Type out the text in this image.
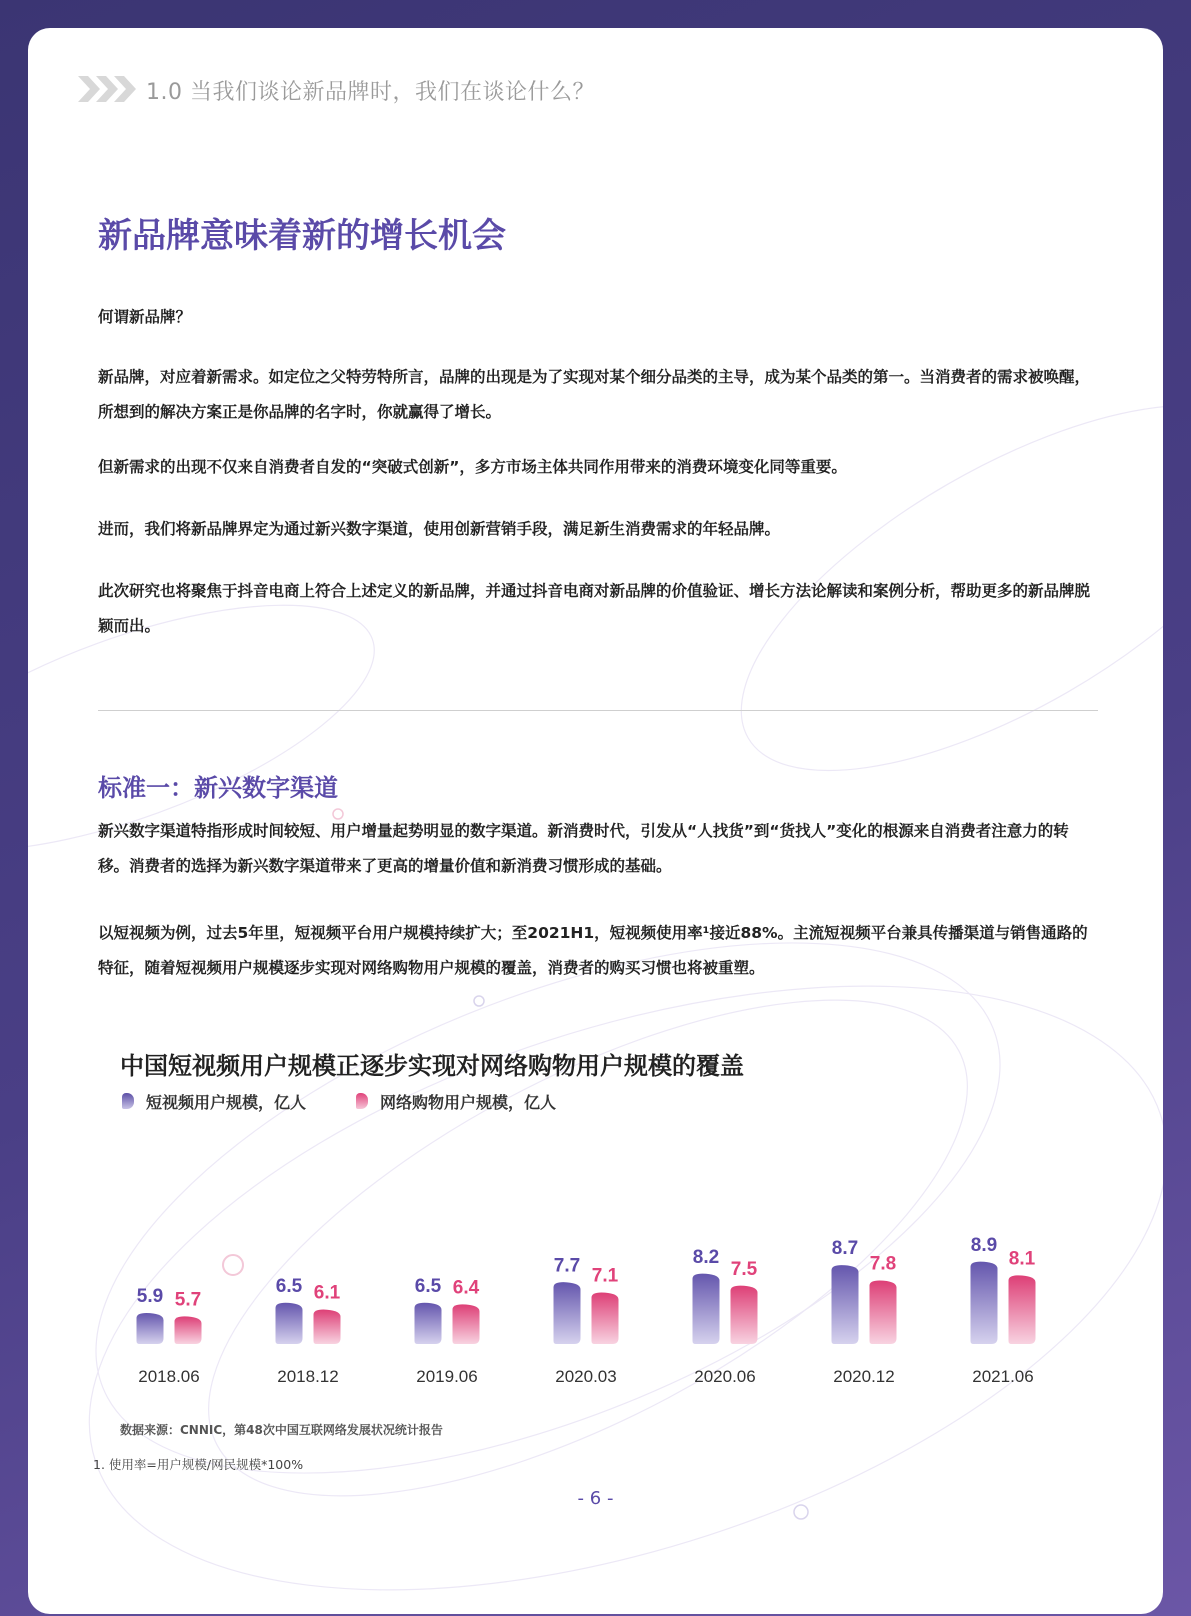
1.0 当我们谈论新品牌时，我们在谈论什么？
新品牌意味着新的增长机会

何谓新品牌？

新品牌，对应着新需求。如定位之父特劳特所言，品牌的出现是为了实现对某个细分品类的主导，成为某个品类的第一。当消费者的需求被唤醒，所想到的解决方案正是你品牌的名字时，你就赢得了增长。

但新需求的出现不仅来自消费者自发的“突破式创新”，多方市场主体共同作用带来的消费环境变化同等重要。

进而，我们将新品牌界定为通过新兴数字渠道，使用创新营销手段，满足新生消费需求的年轻品牌。

此次研究也将聚焦于抖音电商上符合上述定义的新品牌，并通过抖音电商对新品牌的价值验证、增长方法论解读和案例分析，帮助更多的新品牌脱颖而出。

标准一：新兴数字渠道

新兴数字渠道特指形成时间较短、用户增量起势明显的数字渠道。新消费时代，引发从“人找货”到“货找人”变化的根源来自消费者注意力的转移。消费者的选择为新兴数字渠道带来了更高的增量价值和新消费习惯形成的基础。

以短视频为例，过去5年里，短视频平台用户规模持续扩大；至2021H1，短视频使用率¹接近88%。主流短视频平台兼具传播渠道与销售通路的特征，随着短视频用户规模逐步实现对网络购物用户规模的覆盖，消费者的购买习惯也将被重塑。

中国短视频用户规模正逐步实现对网络购物用户规模的覆盖
短视频用户规模，亿人	网络购物用户规模，亿人
5.9 5.7
2018.06
6.5 6.1
2018.12
6.5 6.4
2019.06
7.7 7.1
2020.03
8.2
7.5
2020.06
8.7
7.8
2020.12
8.9
8.1
2021.06
数据来源：CNNIC，第48次中国互联网络发展状况统计报告
1. 使用率=用户规模/网民规模*100%
- 6 -
